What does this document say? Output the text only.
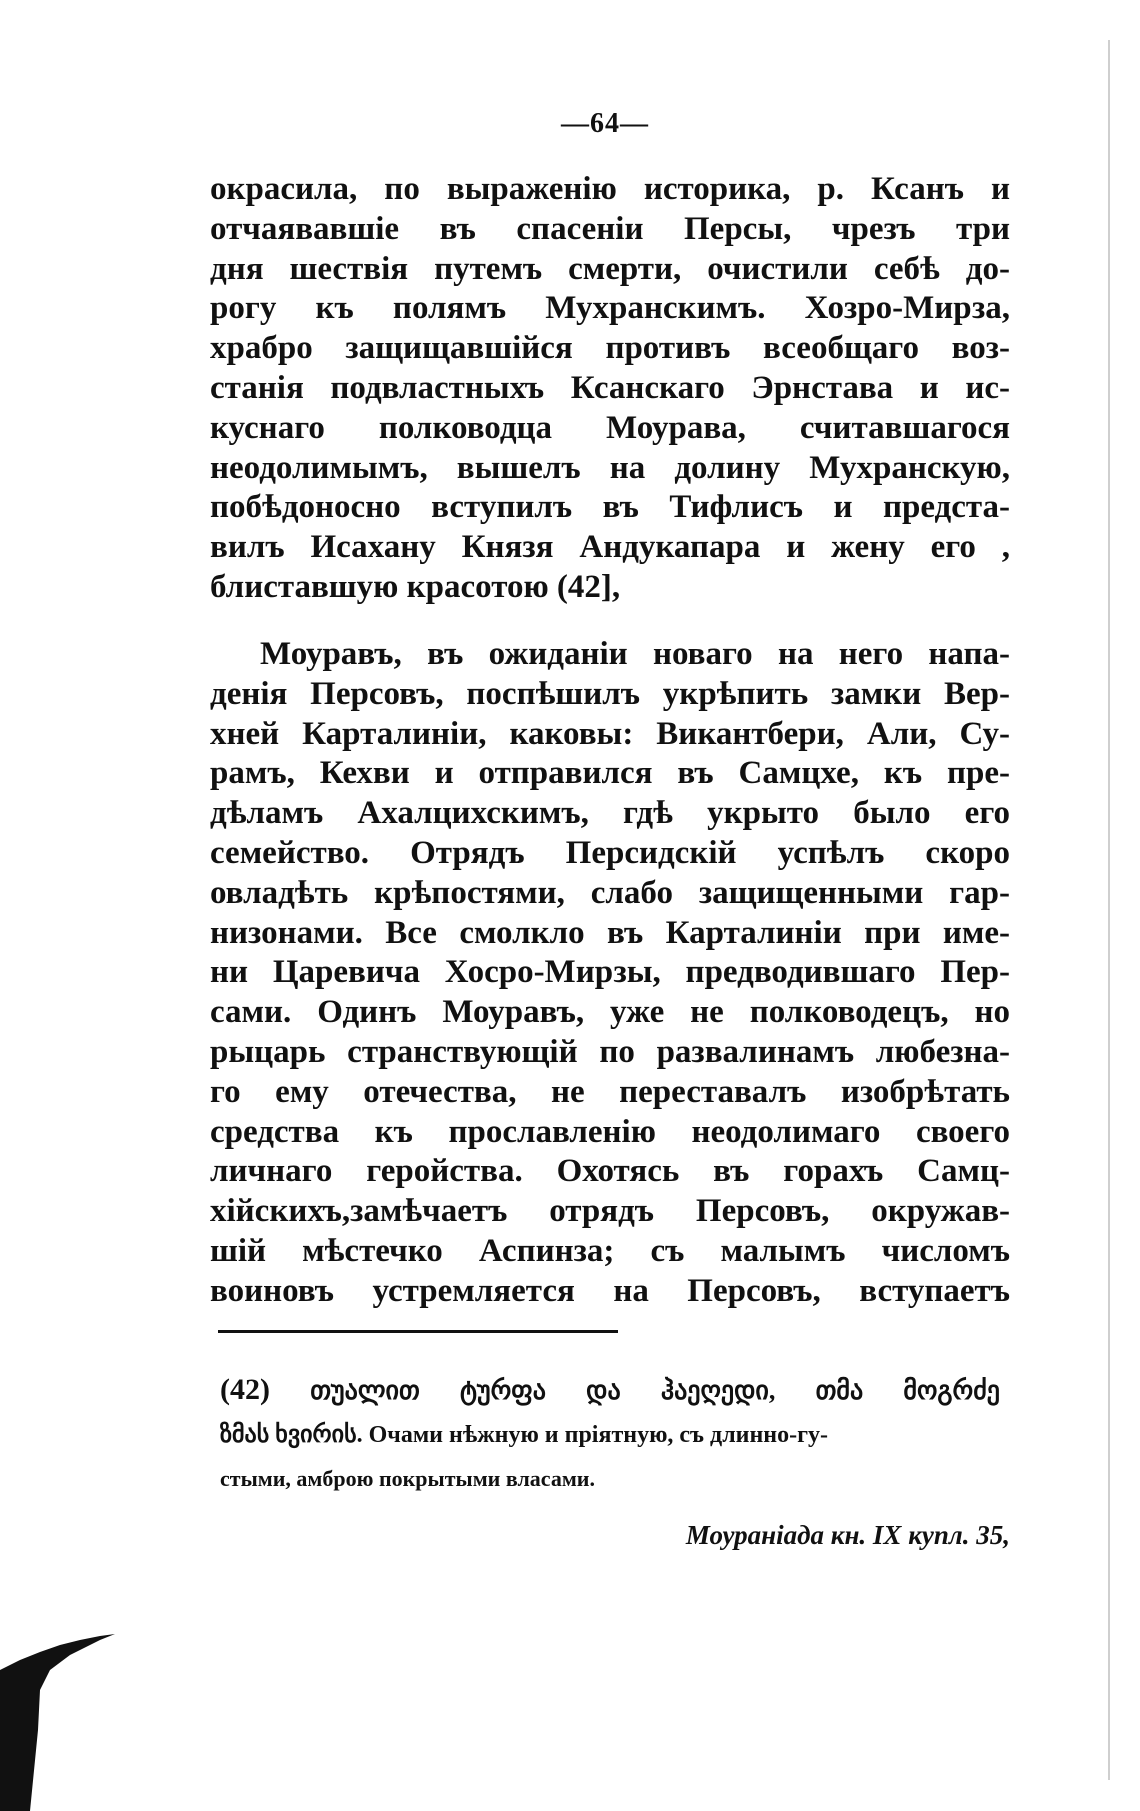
—64—
окрасила, по выраженію историка, р. Ксанъ и
отчаявавшіе въ спасеніи Персы, чрезъ три
дня шествія путемъ смерти, очистили себѣ до-
рогу къ полямъ Мухранскимъ. Хозро-Мирза,
храбро защищавшійся противъ всеобщаго воз-
станія подвластныхъ Ксанскаго Эрнстава и ис-
куснаго полководца Моурава, считавшагося
неодолимымъ, вышелъ на долину Мухранскую,
побѣдоносно вступилъ въ Тифлисъ и предста-
вилъ Исахану Князя Андукапара и жену его ,
блиставшую красотою (42],
Моуравъ, въ ожиданіи новаго на него напа-
денія Персовъ, поспѣшилъ укрѣпить замки Вер-
хней Карталиніи, каковы: Викантбери, Али, Су-
рамъ, Кехви и отправился въ Самцхе, къ пре-
дѣламъ Ахалцихскимъ, гдѣ укрыто было его
семейство. Отрядъ Персидскій успѣлъ скоро
овладѣть крѣпостями, слабо защищенными гар-
низонами. Все смолкло въ Карталиніи при име-
ни Царевича Хосро-Мирзы, предводившаго Пер-
сами. Одинъ Моуравъ, уже не полководецъ, но
рыцарь странствующій по развалинамъ любезна-
го ему отечества, не переставалъ изобрѣтать
средства къ прославленію неодолимаго своего
личнаго геройства. Охотясь въ горахъ Самц-
хійскихъ,замѣчаетъ отрядъ Персовъ, окружав-
шій мѣстечко Аспинза; съ малымъ числомъ
воиновъ устремляется на Персовъ, вступаетъ
(42) თუალით ტურფა და ჰაეღედი, თმა მოგრძე
ზმას ხვირის. Очами нѣжную и пріятную, съ длинно-гу-
стыми, амброю покрытыми власами.
Моураніада кн. IX купл. 35,
